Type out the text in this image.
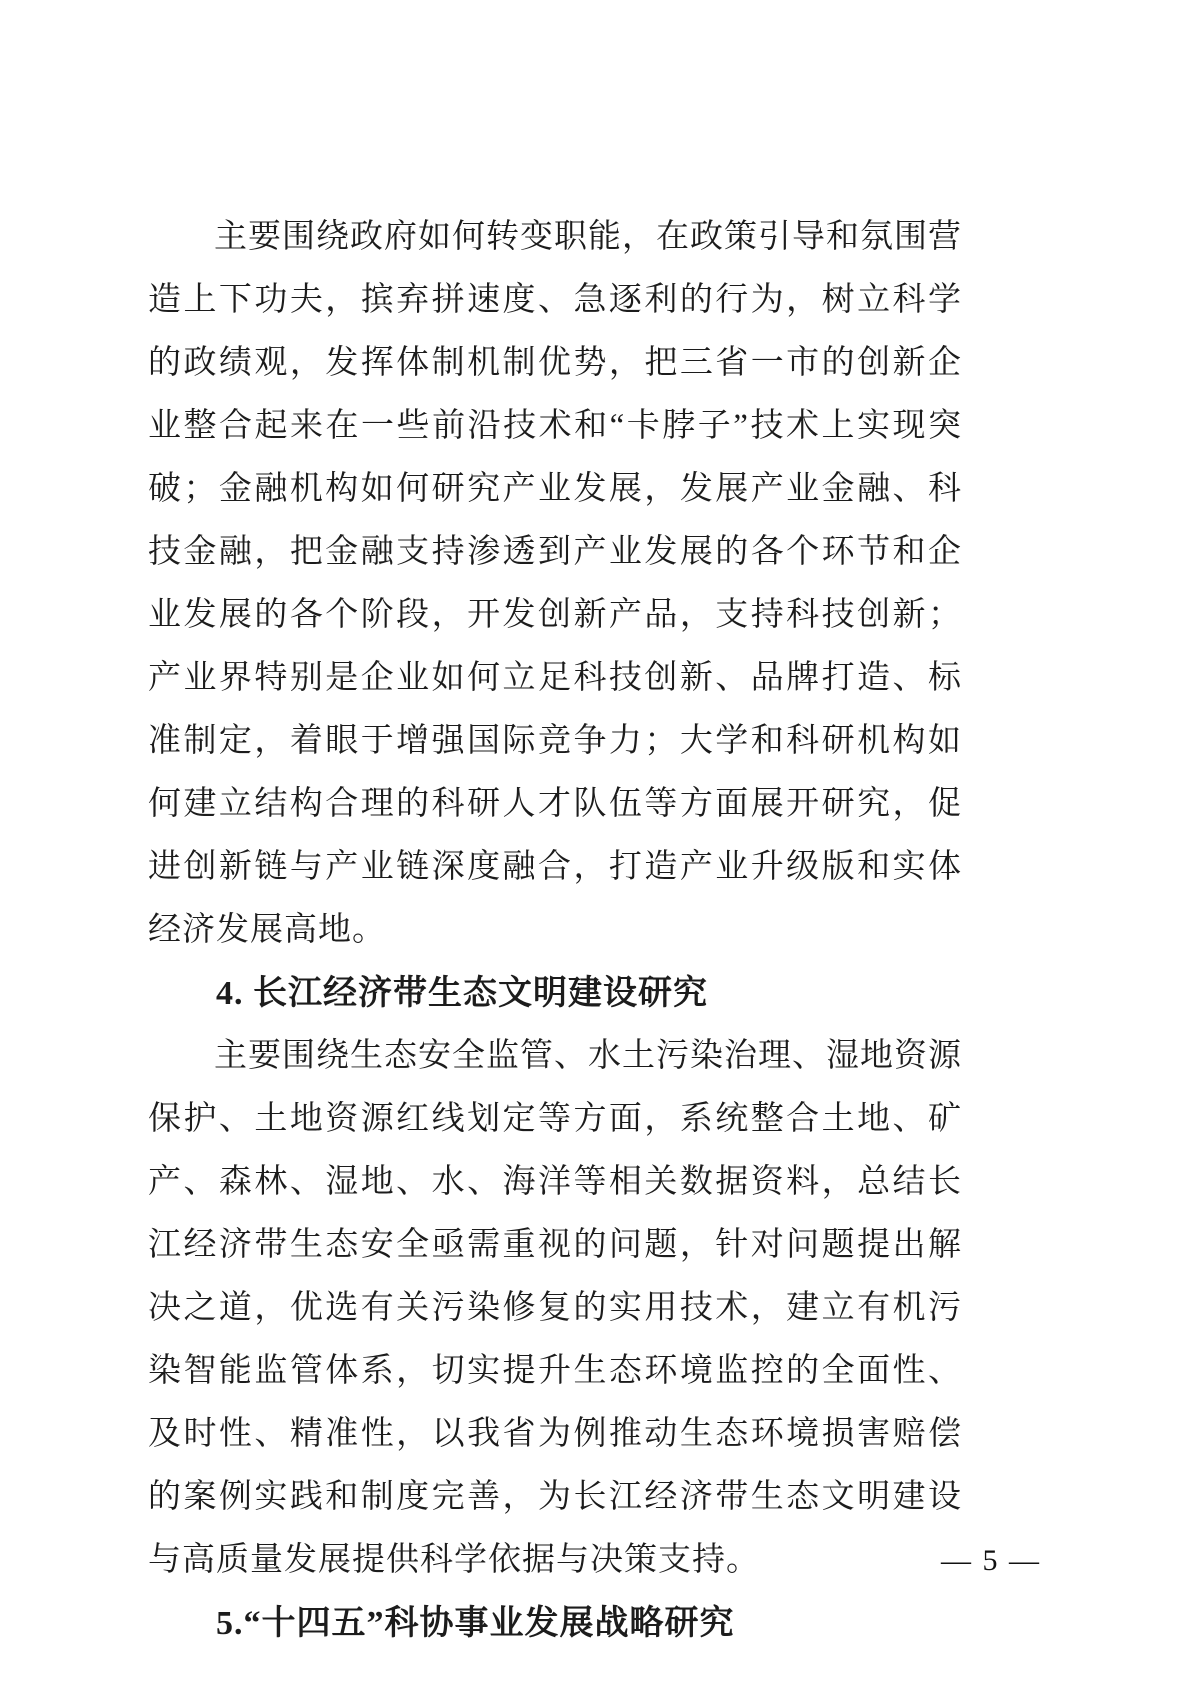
主要围绕政府如何转变职能，在政策引导和氛围营造上下功夫，摈弃拼速度、急逐利的行为，树立科学的政绩观，发挥体制机制优势，把三省一市的创新企业整合起来在一些前沿技术和“卡脖子”技术上实现突破；金融机构如何研究产业发展，发展产业金融、科技金融，把金融支持渗透到产业发展的各个环节和企业发展的各个阶段，开发创新产品，支持科技创新；产业界特别是企业如何立足科技创新、品牌打造、标准制定，着眼于增强国际竞争力；大学和科研机构如何建立结构合理的科研人才队伍等方面展开研究，促进创新链与产业链深度融合，打造产业升级版和实体经济发展高地。

4. 长江经济带生态文明建设研究

主要围绕生态安全监管、水土污染治理、湿地资源保护、土地资源红线划定等方面，系统整合土地、矿产、森林、湿地、水、海洋等相关数据资料，总结长江经济带生态安全亟需重视的问题，针对问题提出解决之道，优选有关污染修复的实用技术，建立有机污染智能监管体系，切实提升生态环境监控的全面性、及时性、精准性，以我省为例推动生态环境损害赔偿的案例实践和制度完善，为长江经济带生态文明建设与高质量发展提供科学依据与决策支持。

5.“十四五”科协事业发展战略研究
— 5 —
